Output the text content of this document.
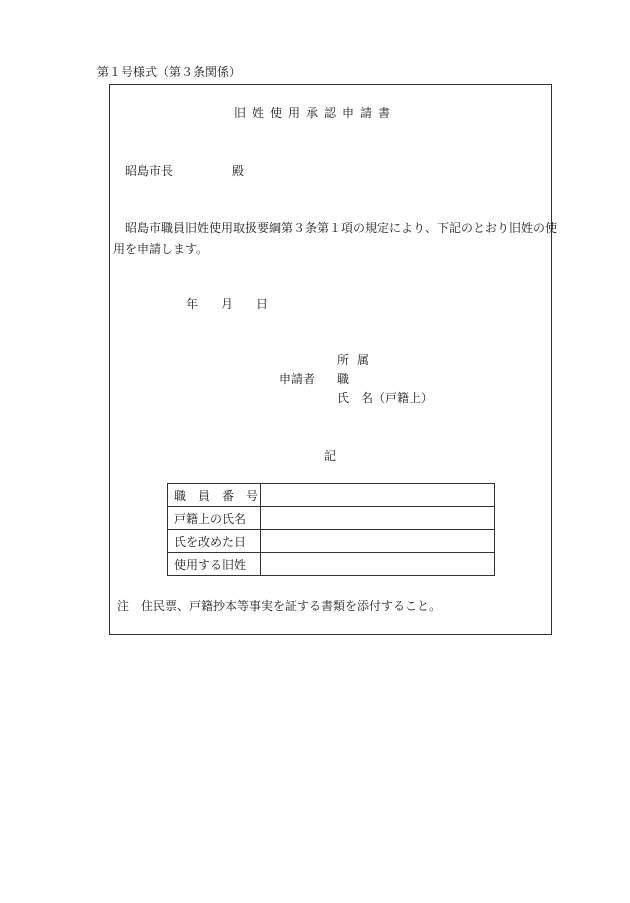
第１号様式（第３条関係）
旧姓使用承認申請書
昭島市長	殿
昭島市職員旧姓使用取扱要綱第３条第１項の規定により、下記のとおり旧姓の使
用を申請します。
年 月 日
所属
申請者 職
氏　名（戸籍上）
記
職　員　番　号	
戸籍上の氏名	
氏を改めた日	
使用する旧姓	
注　住民票、戸籍抄本等事実を証する書類を添付すること。
